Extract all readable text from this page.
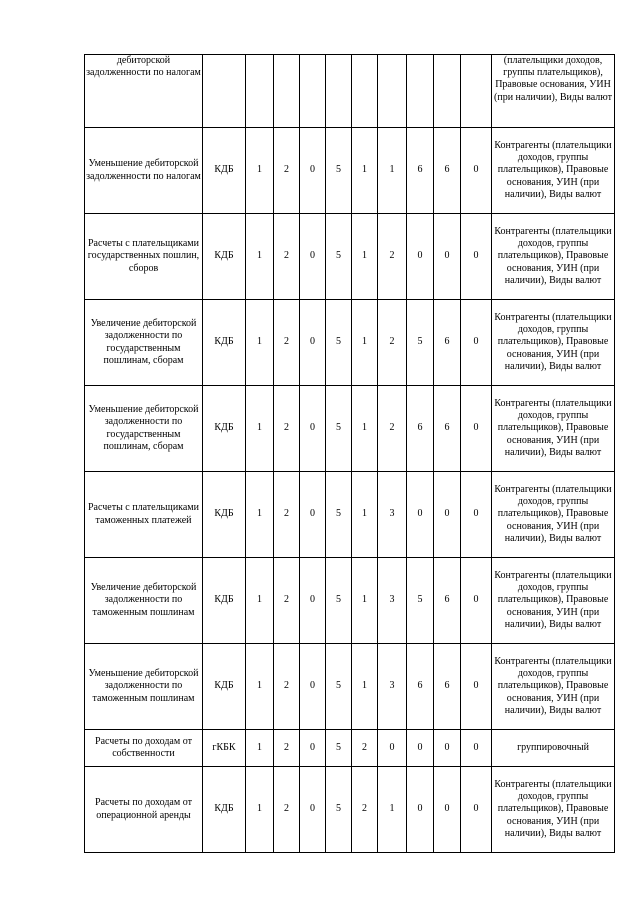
дебиторской задолженности по налогам											(плательщики доходов, группы плательщиков), Правовые основания, УИН (при наличии), Виды валют
Уменьшение дебиторской задолженности по налогам	КДБ	1	2	0	5	1	1	6	6	0	Контрагенты (плательщики доходов, группы плательщиков), Правовые основания, УИН (при наличии), Виды валют
Расчеты с плательщиками государственных пошлин, сборов	КДБ	1	2	0	5	1	2	0	0	0	Контрагенты (плательщики доходов, группы плательщиков), Правовые основания, УИН (при наличии), Виды валют
Увеличение дебиторской задолженности по государственным пошлинам, сборам	КДБ	1	2	0	5	1	2	5	6	0	Контрагенты (плательщики доходов, группы плательщиков), Правовые основания, УИН (при наличии), Виды валют
Уменьшение дебиторской задолженности по государственным пошлинам, сборам	КДБ	1	2	0	5	1	2	6	6	0	Контрагенты (плательщики доходов, группы плательщиков), Правовые основания, УИН (при наличии), Виды валют
Расчеты с плательщиками таможенных платежей	КДБ	1	2	0	5	1	3	0	0	0	Контрагенты (плательщики доходов, группы плательщиков), Правовые основания, УИН (при наличии), Виды валют
Увеличение дебиторской задолженности по таможенным пошлинам	КДБ	1	2	0	5	1	3	5	6	0	Контрагенты (плательщики доходов, группы плательщиков), Правовые основания, УИН (при наличии), Виды валют
Уменьшение дебиторской задолженности по таможенным пошлинам	КДБ	1	2	0	5	1	3	6	6	0	Контрагенты (плательщики доходов, группы плательщиков), Правовые основания, УИН (при наличии), Виды валют
Расчеты по доходам от собственности	гКБК	1	2	0	5	2	0	0	0	0	группировочный
Расчеты по доходам от операционной аренды	КДБ	1	2	0	5	2	1	0	0	0	Контрагенты (плательщики доходов, группы плательщиков), Правовые основания, УИН (при наличии), Виды валют
